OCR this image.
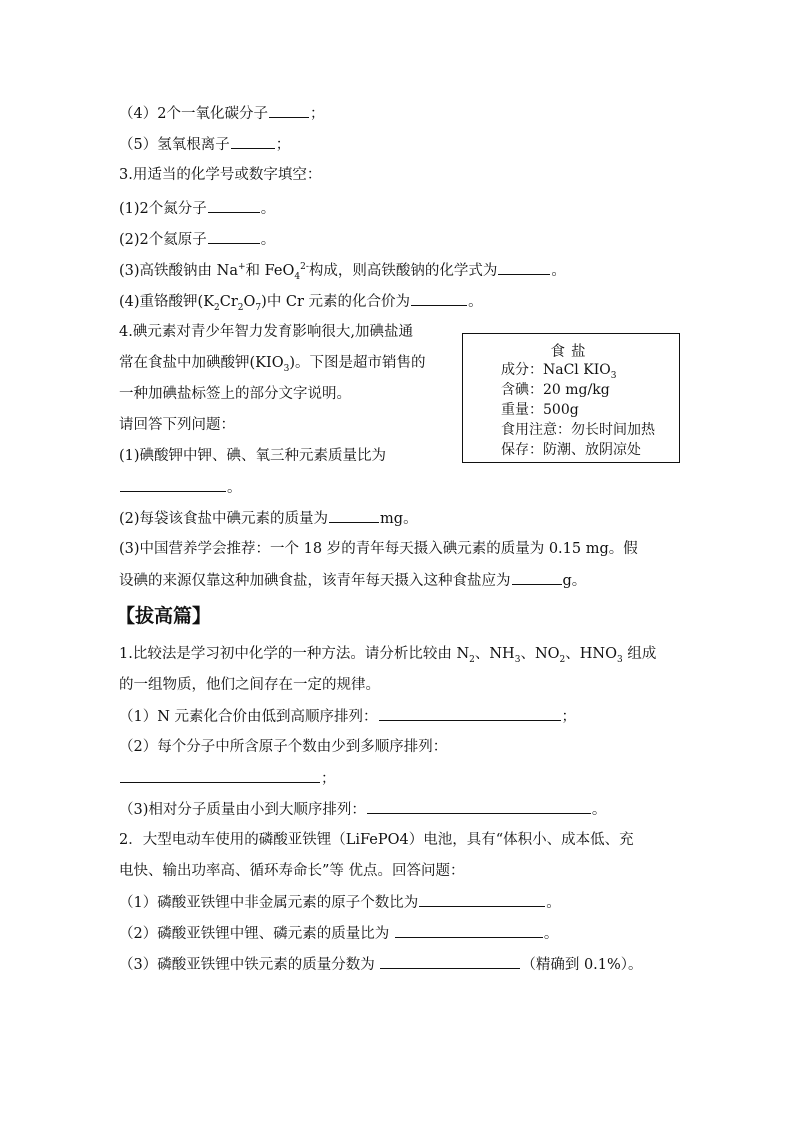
（4）2个一氧化碳分子	；
（5）氢氧根离子	；
3.用适当的化学号或数字填空：
(1)2个氮分子	。
(2)2个氦原子	。
(3)高铁酸钠由 Na+和 FeO$_4^{2-}$构成，则高铁酸钠的化学式为	。
(4)重铬酸钾$(K_2Cr_2O_7)$中 Cr 元素的化合价为	。
4.碘元素对青少年智力发育影响很大,加碘盐通
常在食盐中加碘酸钾$(KIO_3)$。下图是超市销售的
一种加碘盐标签上的部分文字说明。
请回答下列问题：
(1)碘酸钾中钾、碘、氧三种元素质量比为
。
(2)每袋该食盐中碘元素的质量为	mg。
(3)中国营养学会推荐：一个 18 岁的青年每天摄入碘元素的质量为 0.15 mg。假
设碘的来源仅靠这种加碘食盐，该青年每天摄入这种食盐应为	g。
食盐
成分：NaCl $KIO_3$
含碘：20 mg/kg
重量：500g
食用注意：勿长时间加热
保存：防潮、放阴凉处
【拔高篇】
1.比较法是学习初中化学的一种方法。请分析比较由 $N_2$、$NH_3$、$NO_2$、$HNO_3$ 组成
的一组物质，他们之间存在一定的规律。
（1）N 元素化合价由低到高顺序排列：	；
（2）每个分子中所含原子个数由少到多顺序排列：
；
（3)相对分子质量由小到大顺序排列：	。
2．大型电动车使用的磷酸亚铁锂（LiFePO4）电池，具有“体积小、成本低、充
电快、输出功率高、循环寿命长”等 优点。回答问题：
（1）磷酸亚铁锂中非金属元素的原子个数比为	。
（2）磷酸亚铁锂中锂、磷元素的质量比为	。
（3）磷酸亚铁锂中铁元素的质量分数为	（精确到 0.1%）。
